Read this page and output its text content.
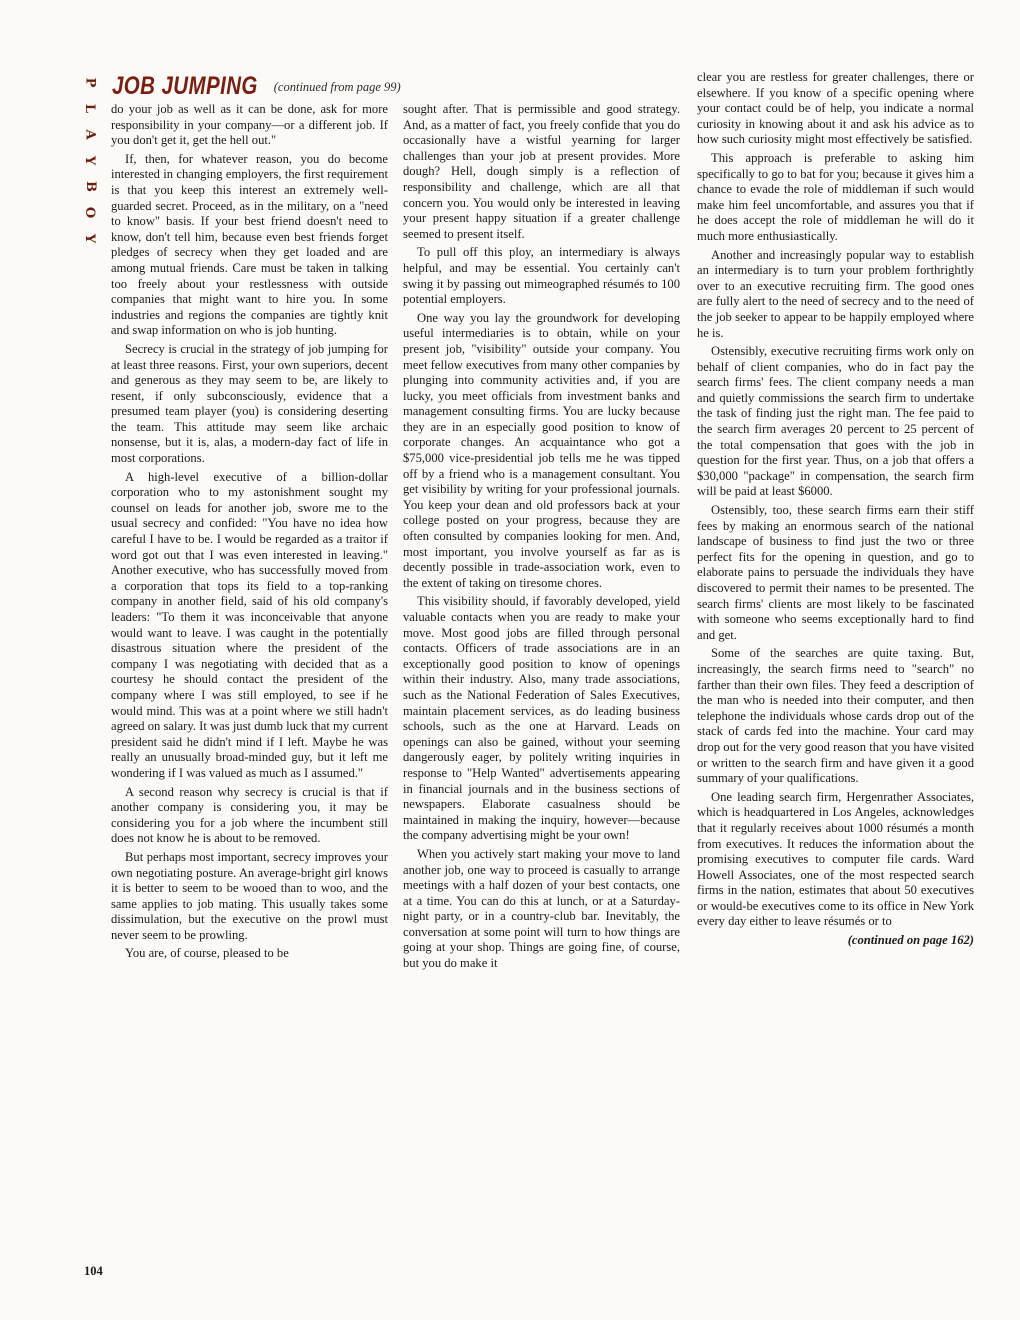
P
L
A
Y
B
O
Y
JOB JUMPING (continued from page 99)

do your job as well as it can be done, ask for more responsibility in your company—or a different job. If you don't get it, get the hell out."

If, then, for whatever reason, you do become interested in changing employers, the first requirement is that you keep this interest an extremely well-guarded secret. Proceed, as in the military, on a "need to know" basis. If your best friend doesn't need to know, don't tell him, because even best friends forget pledges of secrecy when they get loaded and are among mutual friends. Care must be taken in talking too freely about your restlessness with outside companies that might want to hire you. In some industries and regions the companies are tightly knit and swap information on who is job hunting.

Secrecy is crucial in the strategy of job jumping for at least three reasons. First, your own superiors, decent and generous as they may seem to be, are likely to resent, if only subconsciously, evidence that a presumed team player (you) is considering deserting the team. This attitude may seem like archaic nonsense, but it is, alas, a modern-day fact of life in most corporations.

A high-level executive of a billion-dollar corporation who to my astonishment sought my counsel on leads for another job, swore me to the usual secrecy and confided: "You have no idea how careful I have to be. I would be regarded as a traitor if word got out that I was even interested in leaving." Another executive, who has successfully moved from a corporation that tops its field to a top-ranking company in another field, said of his old company's leaders: "To them it was inconceivable that anyone would want to leave. I was caught in the potentially disastrous situation where the president of the company I was negotiating with decided that as a courtesy he should contact the president of the company where I was still employed, to see if he would mind. This was at a point where we still hadn't agreed on salary. It was just dumb luck that my current president said he didn't mind if I left. Maybe he was really an unusually broad-minded guy, but it left me wondering if I was valued as much as I assumed."

A second reason why secrecy is crucial is that if another company is considering you, it may be considering you for a job where the incumbent still does not know he is about to be removed.

But perhaps most important, secrecy improves your own negotiating posture. An average-bright girl knows it is better to seem to be wooed than to woo, and the same applies to job mating. This usually takes some dissimulation, but the executive on the prowl must never seem to be prowling.

You are, of course, pleased to be

sought after. That is permissible and good strategy. And, as a matter of fact, you freely confide that you do occasionally have a wistful yearning for larger challenges than your job at present provides. More dough? Hell, dough simply is a reflection of responsibility and challenge, which are all that concern you. You would only be interested in leaving your present happy situation if a greater challenge seemed to present itself.

To pull off this ploy, an intermediary is always helpful, and may be essential. You certainly can't swing it by passing out mimeographed résumés to 100 potential employers.

One way you lay the groundwork for developing useful intermediaries is to obtain, while on your present job, "visibility" outside your company. You meet fellow executives from many other companies by plunging into community activities and, if you are lucky, you meet officials from investment banks and management consulting firms. You are lucky because they are in an especially good position to know of corporate changes. An acquaintance who got a $75,000 vice-presidential job tells me he was tipped off by a friend who is a management consultant. You get visibility by writing for your professional journals. You keep your dean and old professors back at your college posted on your progress, because they are often consulted by companies looking for men. And, most important, you involve yourself as far as is decently possible in trade-association work, even to the extent of taking on tiresome chores.

This visibility should, if favorably developed, yield valuable contacts when you are ready to make your move. Most good jobs are filled through personal contacts. Officers of trade associations are in an exceptionally good position to know of openings within their industry. Also, many trade associations, such as the National Federation of Sales Executives, maintain placement services, as do leading business schools, such as the one at Harvard. Leads on openings can also be gained, without your seeming dangerously eager, by politely writing inquiries in response to "Help Wanted" advertisements appearing in financial journals and in the business sections of newspapers. Elaborate casualness should be maintained in making the inquiry, however—because the company advertising might be your own!

When you actively start making your move to land another job, one way to proceed is casually to arrange meetings with a half dozen of your best contacts, one at a time. You can do this at lunch, or at a Saturday-night party, or in a country-club bar. Inevitably, the conversation at some point will turn to how things are going at your shop. Things are going fine, of course, but you do make it

clear you are restless for greater challenges, there or elsewhere. If you know of a specific opening where your contact could be of help, you indicate a normal curiosity in knowing about it and ask his advice as to how such curiosity might most effectively be satisfied.

This approach is preferable to asking him specifically to go to bat for you; because it gives him a chance to evade the role of middleman if such would make him feel uncomfortable, and assures you that if he does accept the role of middleman he will do it much more enthusiastically.

Another and increasingly popular way to establish an intermediary is to turn your problem forthrightly over to an executive recruiting firm. The good ones are fully alert to the need of secrecy and to the need of the job seeker to appear to be happily employed where he is.

Ostensibly, executive recruiting firms work only on behalf of client companies, who do in fact pay the search firms' fees. The client company needs a man and quietly commissions the search firm to undertake the task of finding just the right man. The fee paid to the search firm averages 20 percent to 25 percent of the total compensation that goes with the job in question for the first year. Thus, on a job that offers a $30,000 "package" in compensation, the search firm will be paid at least $6000.

Ostensibly, too, these search firms earn their stiff fees by making an enormous search of the national landscape of business to find just the two or three perfect fits for the opening in question, and go to elaborate pains to persuade the individuals they have discovered to permit their names to be presented. The search firms' clients are most likely to be fascinated with someone who seems exceptionally hard to find and get.

Some of the searches are quite taxing. But, increasingly, the search firms need to "search" no farther than their own files. They feed a description of the man who is needed into their computer, and then telephone the individuals whose cards drop out of the stack of cards fed into the machine. Your card may drop out for the very good reason that you have visited or written to the search firm and have given it a good summary of your qualifications.

One leading search firm, Hergenrather Associates, which is headquartered in Los Angeles, acknowledges that it regularly receives about 1000 résumés a month from executives. It reduces the information about the promising executives to computer file cards. Ward Howell Associates, one of the most respected search firms in the nation, estimates that about 50 executives or would-be executives come to its office in New York every day either to leave résumés or to

(continued on page 162)

104
